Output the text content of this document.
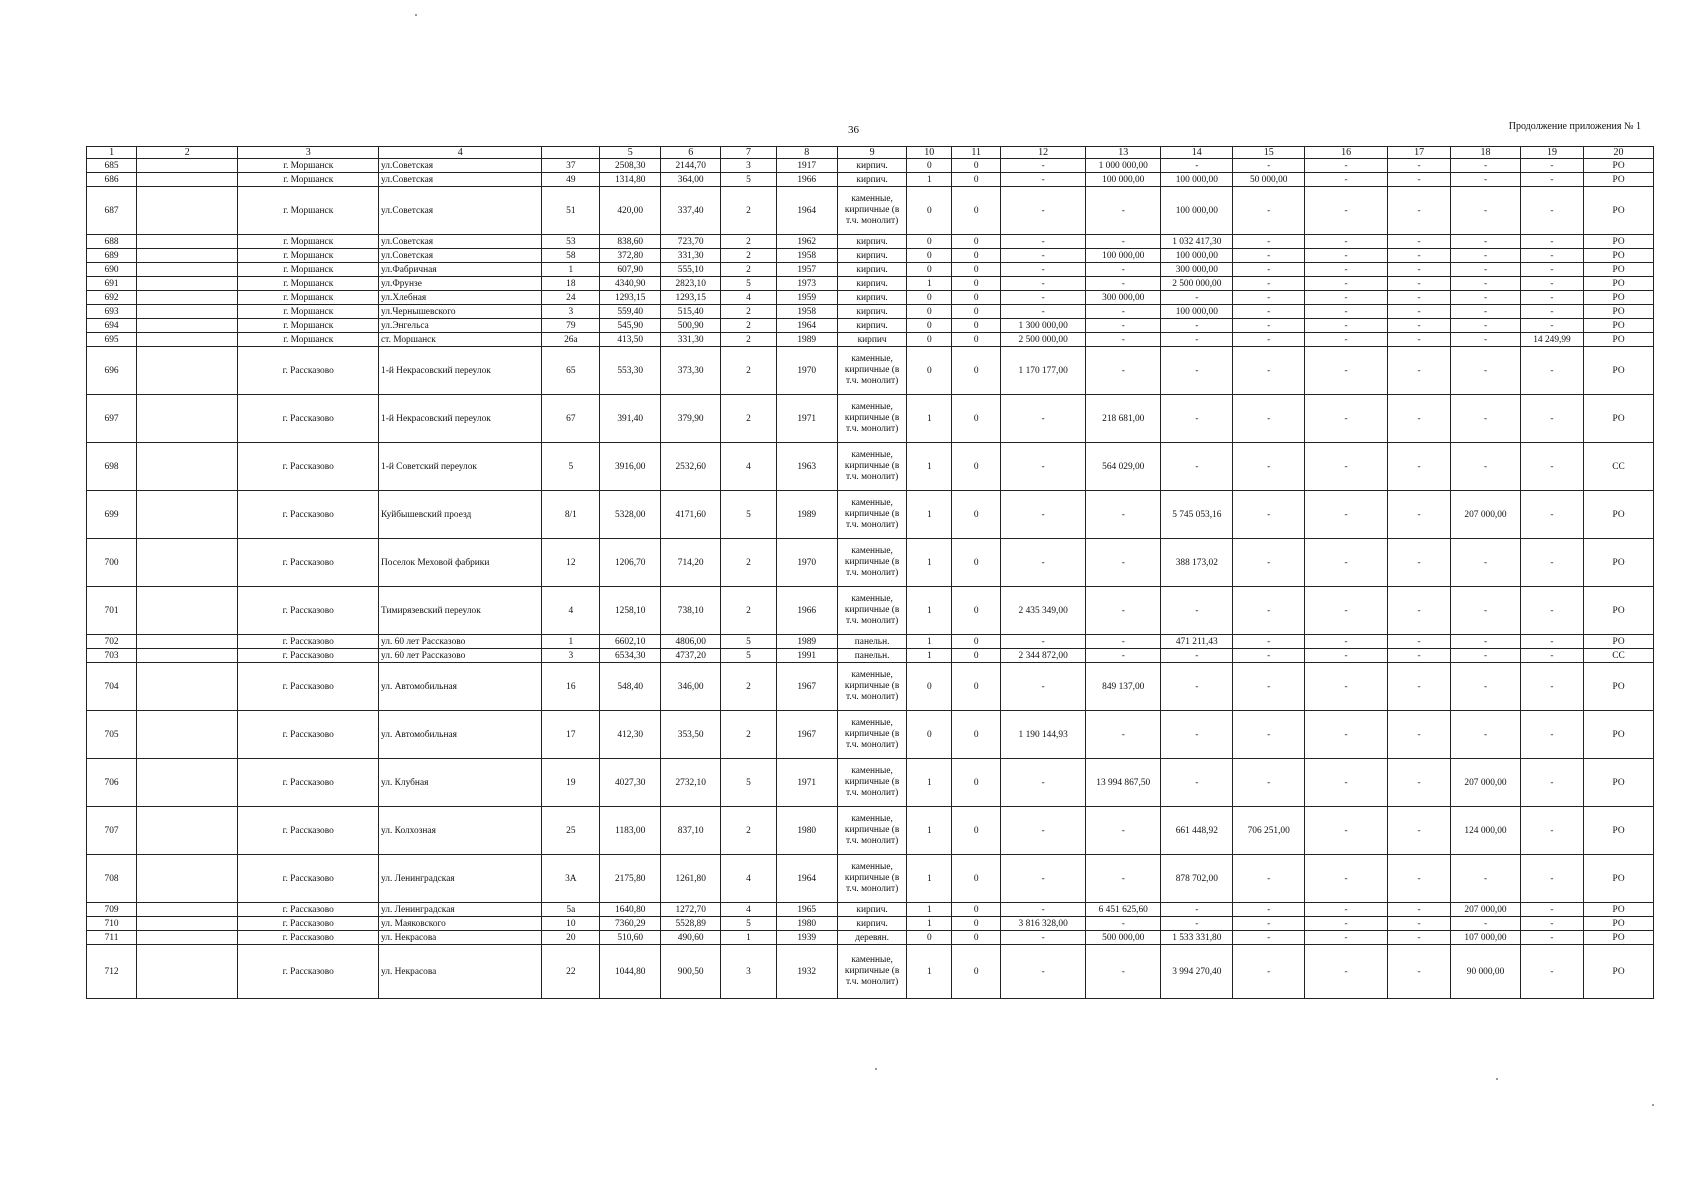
36	Продолжение приложения № 1
1	2	3	4		5	6	7	8	9	10	11	12	13	14	15	16	17	18	19	20
685		г. Моршанск	ул.Советская	37	2508,30	2144,70	3	1917	кирпич.	0	0	-	1 000 000,00	-	-	-	-	-	-	РО
686		г. Моршанск	ул.Советская	49	1314,80	364,00	5	1966	кирпич.	1	0	-	100 000,00	100 000,00	50 000,00	-	-	-	-	РО
687		г. Моршанск	ул.Советская	51	420,00	337,40	2	1964	каменные, кирпичные (в т.ч. монолит)	0	0	-	-	100 000,00	-	-	-	-	-	РО
688		г. Моршанск	ул.Советская	53	838,60	723,70	2	1962	кирпич.	0	0	-	-	1 032 417,30	-	-	-	-	-	РО
689		г. Моршанск	ул.Советская	58	372,80	331,30	2	1958	кирпич.	0	0	-	100 000,00	100 000,00	-	-	-	-	-	РО
690		г. Моршанск	ул.Фабричная	1	607,90	555,10	2	1957	кирпич.	0	0	-	-	300 000,00	-	-	-	-	-	РО
691		г. Моршанск	ул.Фрунзе	18	4340,90	2823,10	5	1973	кирпич.	1	0	-	-	2 500 000,00	-	-	-	-	-	РО
692		г. Моршанск	ул.Хлебная	24	1293,15	1293,15	4	1959	кирпич.	0	0	-	300 000,00	-	-	-	-	-	-	РО
693		г. Моршанск	ул.Чернышевского	3	559,40	515,40	2	1958	кирпич.	0	0	-	-	100 000,00	-	-	-	-	-	РО
694		г. Моршанск	ул.Энгельса	79	545,90	500,90	2	1964	кирпич.	0	0	1 300 000,00	-	-	-	-	-	-	-	РО
695		г. Моршанск	ст. Моршанск	26а	413,50	331,30	2	1989	кирпич	0	0	2 500 000,00	-	-	-	-	-	-	14 249,99	РО
696		г. Рассказово	1-й Некрасовский переулок	65	553,30	373,30	2	1970	каменные, кирпичные (в т.ч. монолит)	0	0	1 170 177,00	-	-	-	-	-	-	-	РО
697		г. Рассказово	1-й Некрасовский переулок	67	391,40	379,90	2	1971	каменные, кирпичные (в т.ч. монолит)	1	0	-	218 681,00	-	-	-	-	-	-	РО
698		г. Рассказово	1-й Советский переулок	5	3916,00	2532,60	4	1963	каменные, кирпичные (в т.ч. монолит)	1	0	-	564 029,00	-	-	-	-	-	-	СС
699		г. Рассказово	Куйбышевский проезд	8/1	5328,00	4171,60	5	1989	каменные, кирпичные (в т.ч. монолит)	1	0	-	-	5 745 053,16	-	-	-	207 000,00	-	РО
700		г. Рассказово	Поселок Меховой фабрики	12	1206,70	714,20	2	1970	каменные, кирпичные (в т.ч. монолит)	1	0	-	-	388 173,02	-	-	-	-	-	РО
701		г. Рассказово	Тимирязевский переулок	4	1258,10	738,10	2	1966	каменные, кирпичные (в т.ч. монолит)	1	0	2 435 349,00	-	-	-	-	-	-	-	РО
702		г. Рассказово	ул. 60 лет Рассказово	1	6602,10	4806,00	5	1989	панельн.	1	0	-	-	471 211,43	-	-	-	-	-	РО
703		г. Рассказово	ул. 60 лет Рассказово	3	6534,30	4737,20	5	1991	панельн.	1	0	2 344 872,00	-	-	-	-	-	-	-	СС
704		г. Рассказово	ул. Автомобильная	16	548,40	346,00	2	1967	каменные, кирпичные (в т.ч. монолит)	0	0	-	849 137,00	-	-	-	-	-	-	РО
705		г. Рассказово	ул. Автомобильная	17	412,30	353,50	2	1967	каменные, кирпичные (в т.ч. монолит)	0	0	1 190 144,93	-	-	-	-	-	-	-	РО
706		г. Рассказово	ул. Клубная	19	4027,30	2732,10	5	1971	каменные, кирпичные (в т.ч. монолит)	1	0	-	13 994 867,50	-	-	-	-	207 000,00	-	РО
707		г. Рассказово	ул. Колхозная	25	1183,00	837,10	2	1980	каменные, кирпичные (в т.ч. монолит)	1	0	-	-	661 448,92	706 251,00	-	-	124 000,00	-	РО
708		г. Рассказово	ул. Ленинградская	3А	2175,80	1261,80	4	1964	каменные, кирпичные (в т.ч. монолит)	1	0	-	-	878 702,00	-	-	-	-	-	РО
709		г. Рассказово	ул. Ленинградская	5а	1640,80	1272,70	4	1965	кирпич.	1	0	-	6 451 625,60	-	-	-	-	207 000,00	-	РО
710		г. Рассказово	ул. Маяковского	10	7360,29	5528,89	5	1980	кирпич.	1	0	3 816 328,00	-	-	-	-	-	-	-	РО
711		г. Рассказово	ул. Некрасова	20	510,60	490,60	1	1939	деревян.	0	0	-	500 000,00	1 533 331,80	-	-	-	107 000,00	-	РО
712		г. Рассказово	ул. Некрасова	22	1044,80	900,50	3	1932	каменные, кирпичные (в т.ч. монолит)	1	0	-	-	3 994 270,40	-	-	-	90 000,00	-	РО
